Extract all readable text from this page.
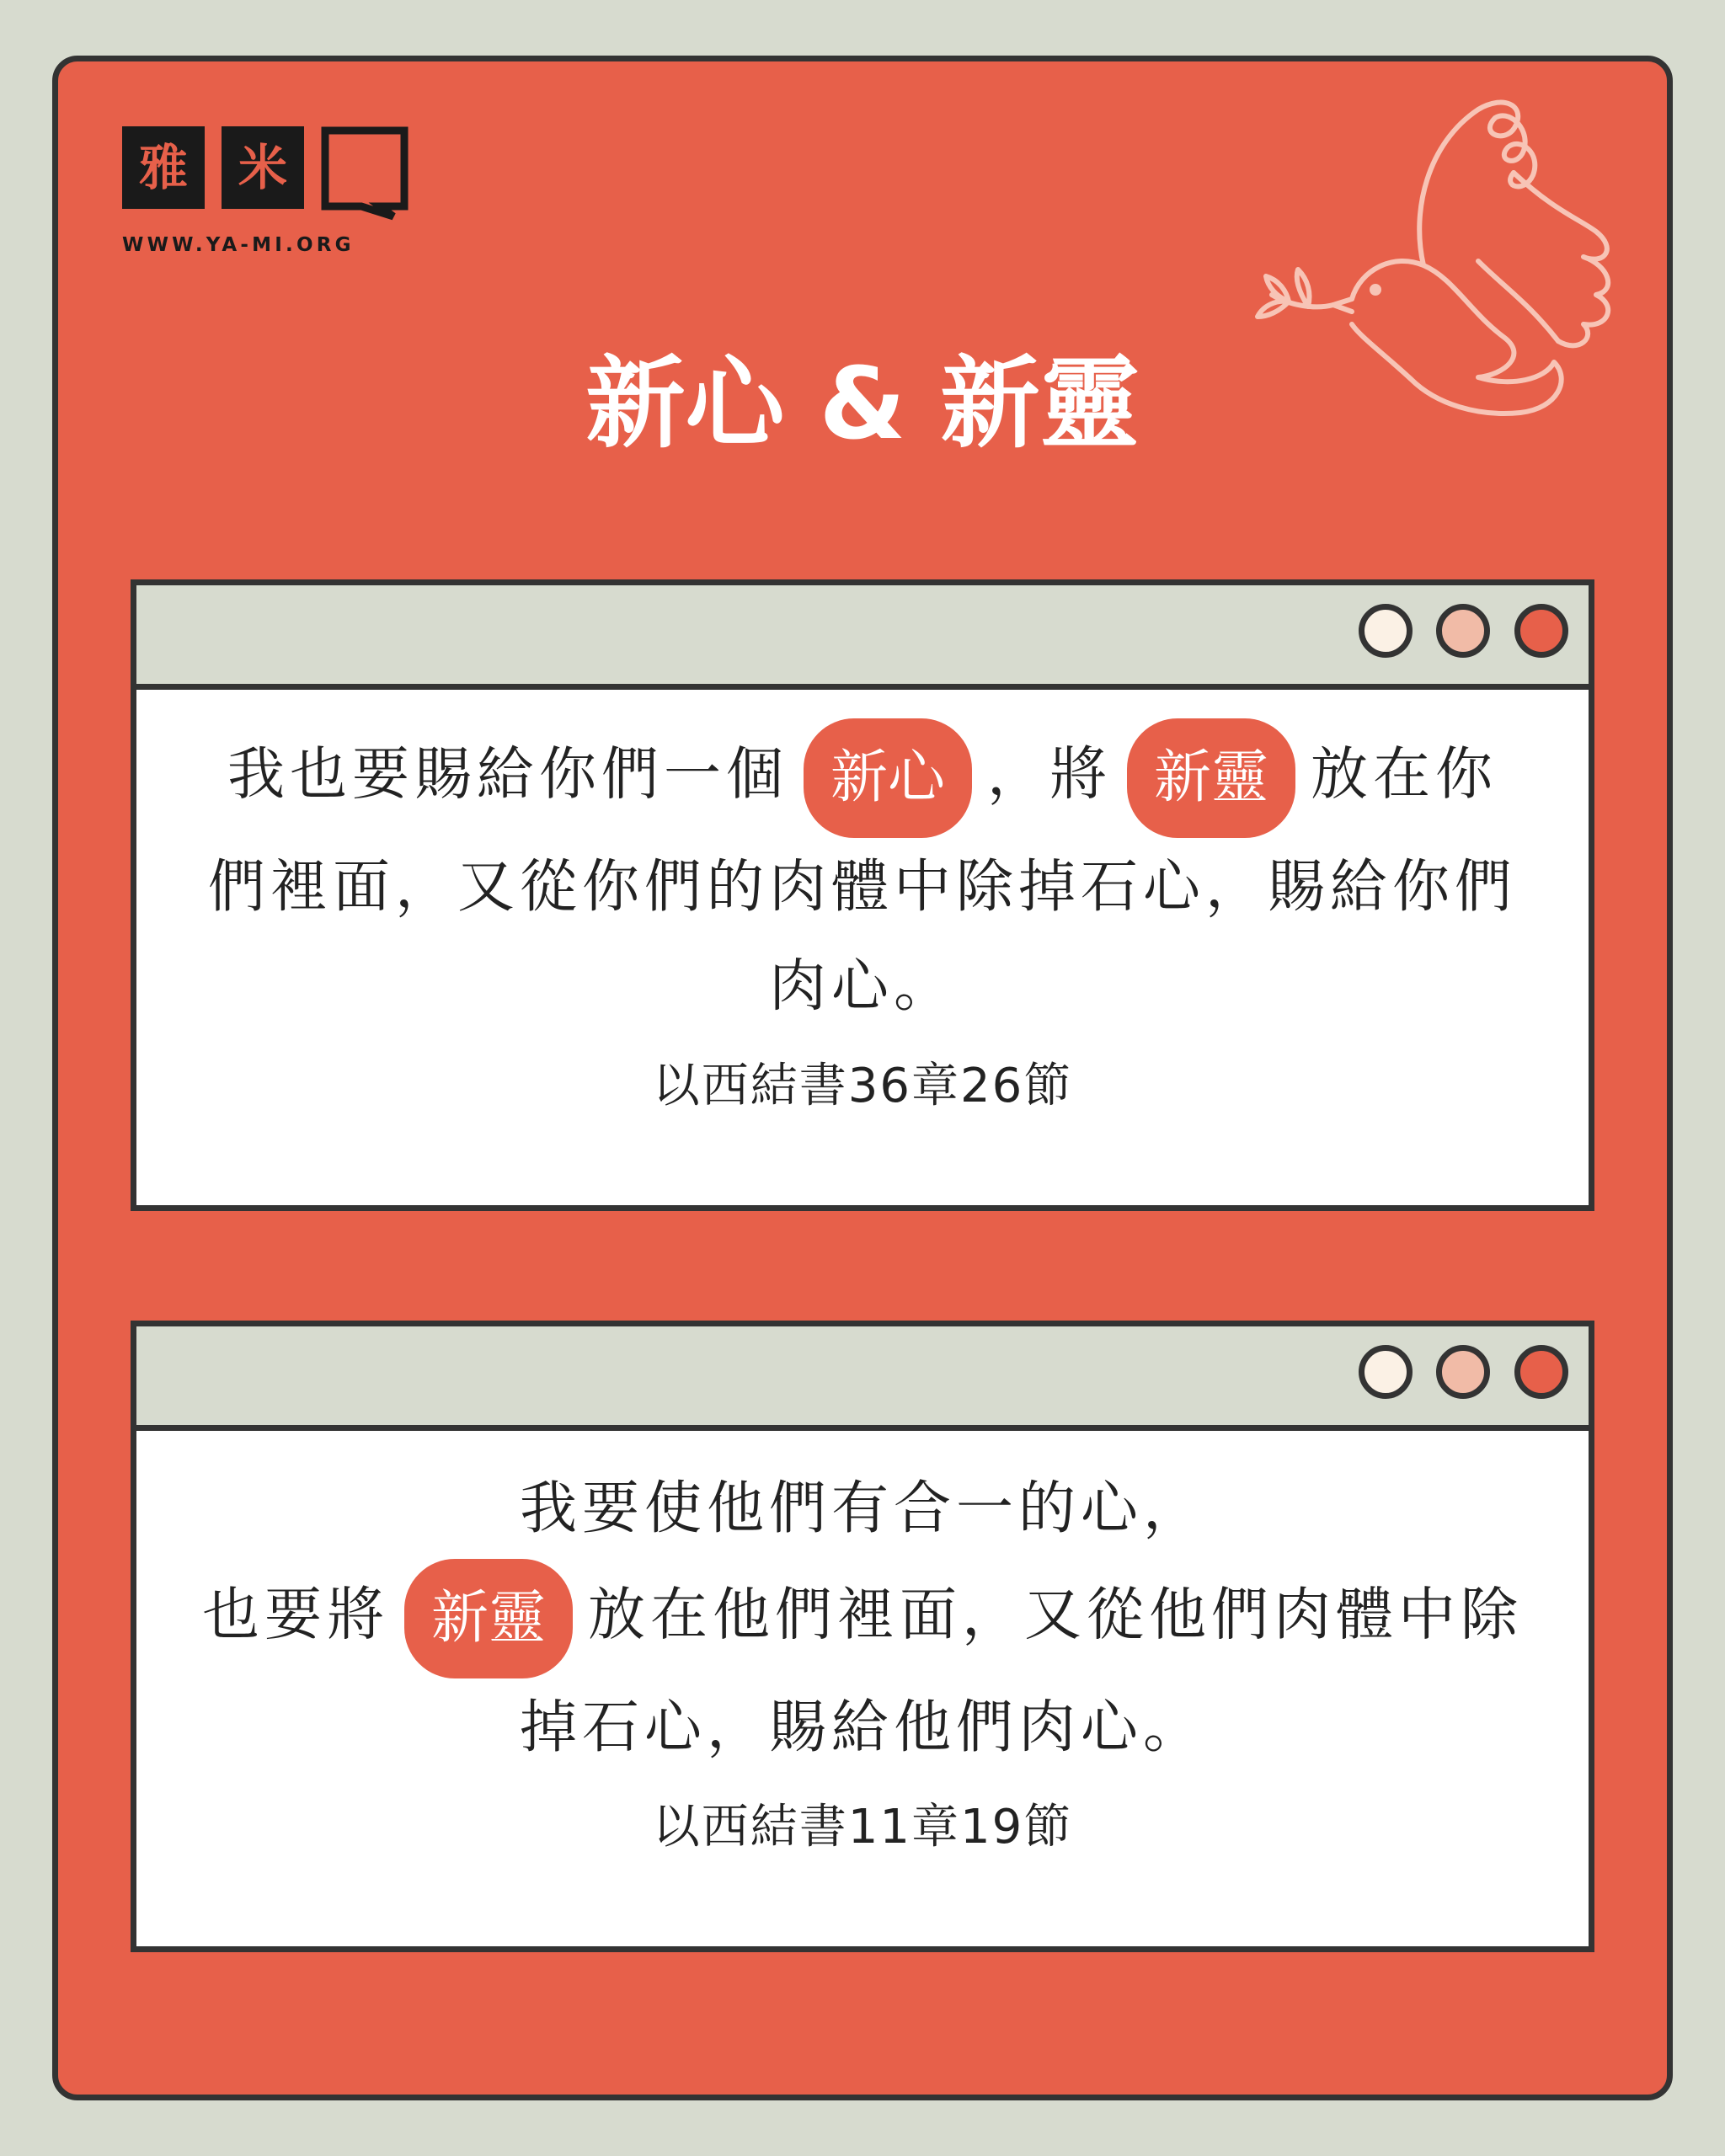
雅	米
WWW.YA-MI.ORG
新心 & 新靈
我也要賜給你們一個 新心 ，將 新靈 放在你們裡面，又從你們的肉體中除掉石心，賜給你們肉心。
以西結書36章26節
我要使他們有合一的心，
也要將 新靈 放在他們裡面，又從他們肉體中除掉石心，賜給他們肉心。
以西結書11章19節
